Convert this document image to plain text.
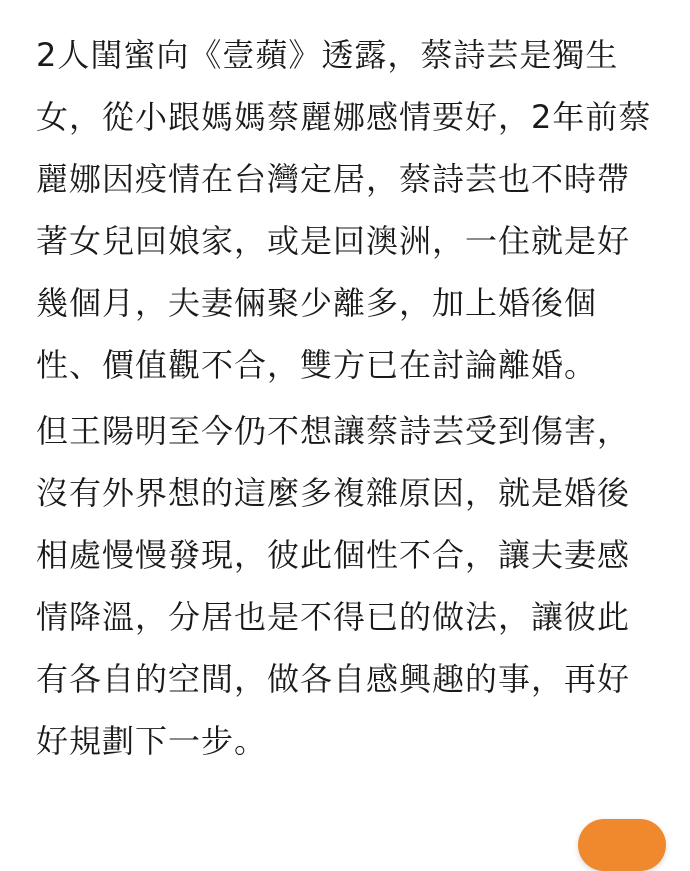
2人閨蜜向《壹蘋》透露，蔡詩芸是獨生女，從小跟媽媽蔡麗娜感情要好，2年前蔡麗娜因疫情在台灣定居，蔡詩芸也不時帶著女兒回娘家，或是回澳洲，一住就是好幾個月，夫妻倆聚少離多，加上婚後個性、價值觀不合，雙方已在討論離婚。

但王陽明至今仍不想讓蔡詩芸受到傷害，沒有外界想的這麼多複雜原因，就是婚後相處慢慢發現，彼此個性不合，讓夫妻感情降溫，分居也是不得已的做法，讓彼此有各自的空間，做各自感興趣的事，再好好規劃下一步。
